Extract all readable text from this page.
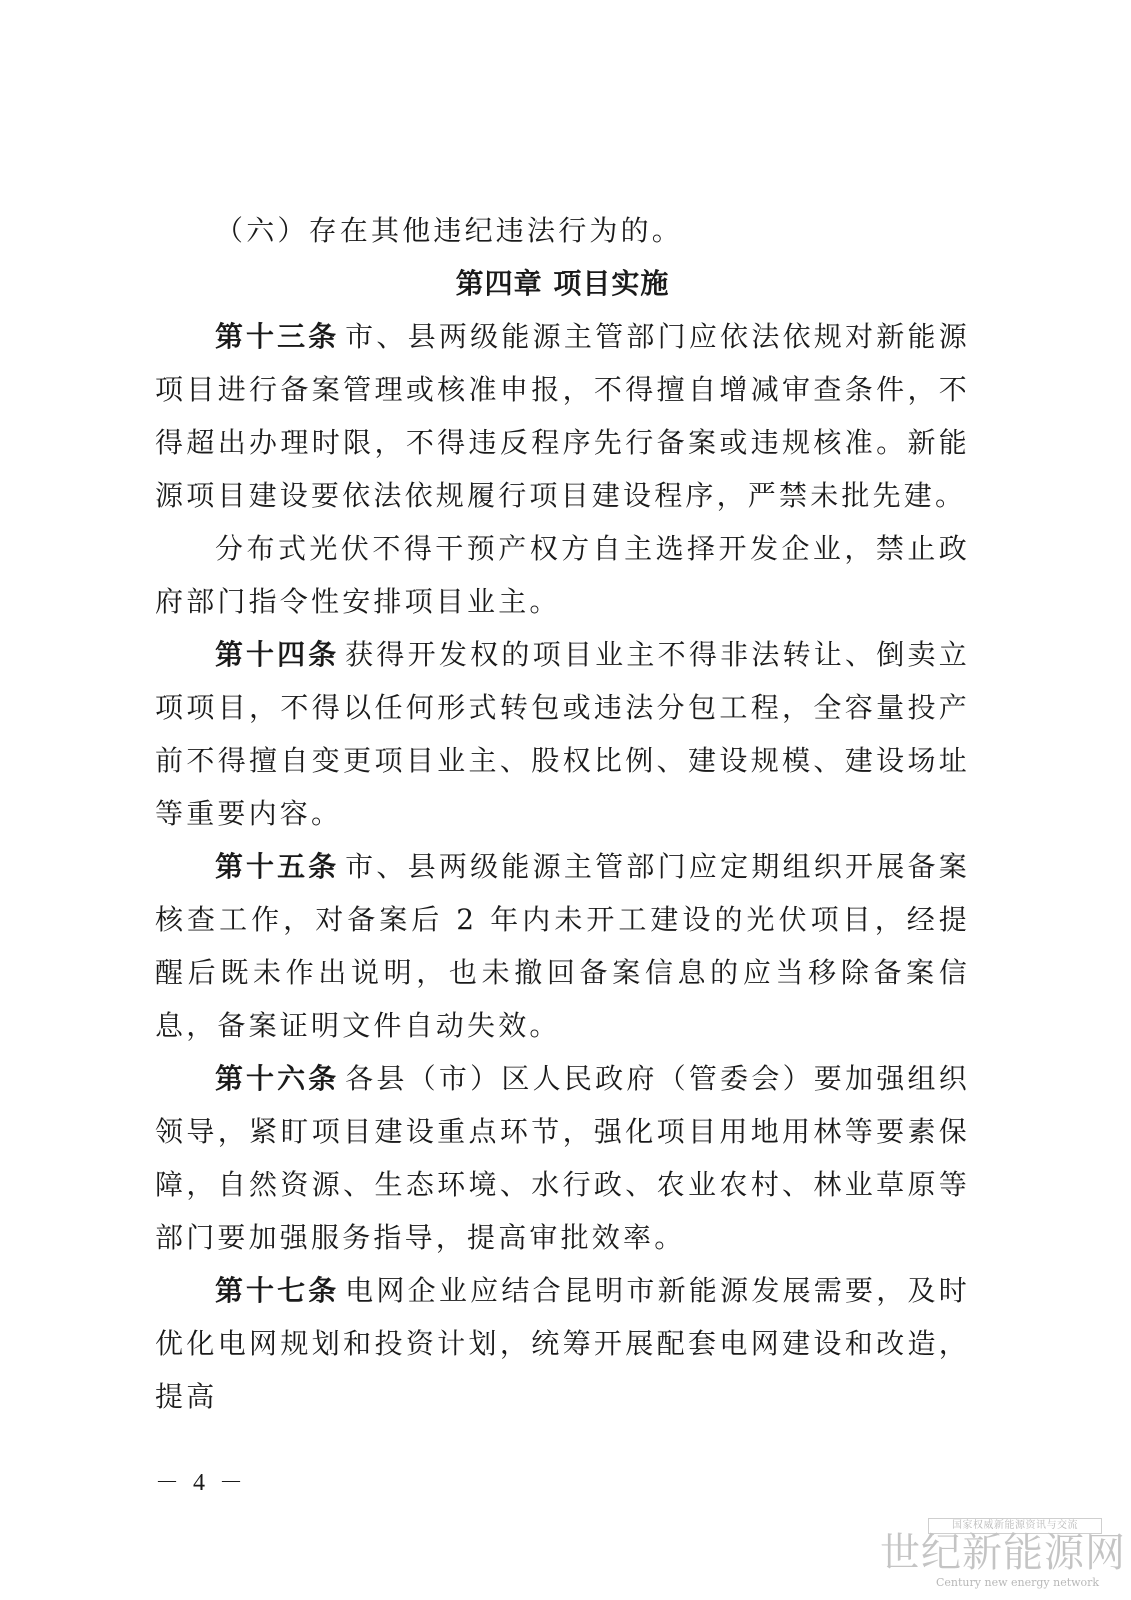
（六）存在其他违纪违法行为的。

第四章 项目实施

第十三条 市、县两级能源主管部门应依法依规对新能源项目进行备案管理或核准申报，不得擅自增减审查条件，不得超出办理时限，不得违反程序先行备案或违规核准。新能源项目建设要依法依规履行项目建设程序，严禁未批先建。

分布式光伏不得干预产权方自主选择开发企业，禁止政府部门指令性安排项目业主。

第十四条 获得开发权的项目业主不得非法转让、倒卖立项项目，不得以任何形式转包或违法分包工程，全容量投产前不得擅自变更项目业主、股权比例、建设规模、建设场址等重要内容。

第十五条 市、县两级能源主管部门应定期组织开展备案核查工作，对备案后 2 年内未开工建设的光伏项目，经提醒后既未作出说明，也未撤回备案信息的应当移除备案信息，备案证明文件自动失效。

第十六条 各县（市）区人民政府（管委会）要加强组织领导，紧盯项目建设重点环节，强化项目用地用林等要素保障，自然资源、生态环境、水行政、农业农村、林业草原等部门要加强服务指导，提高审批效率。

第十七条 电网企业应结合昆明市新能源发展需要，及时优化电网规划和投资计划，统筹开展配套电网建设和改造，提高

－ 4 －
国家权威新能源资讯与交流
世纪新能源网
Century new energy network
